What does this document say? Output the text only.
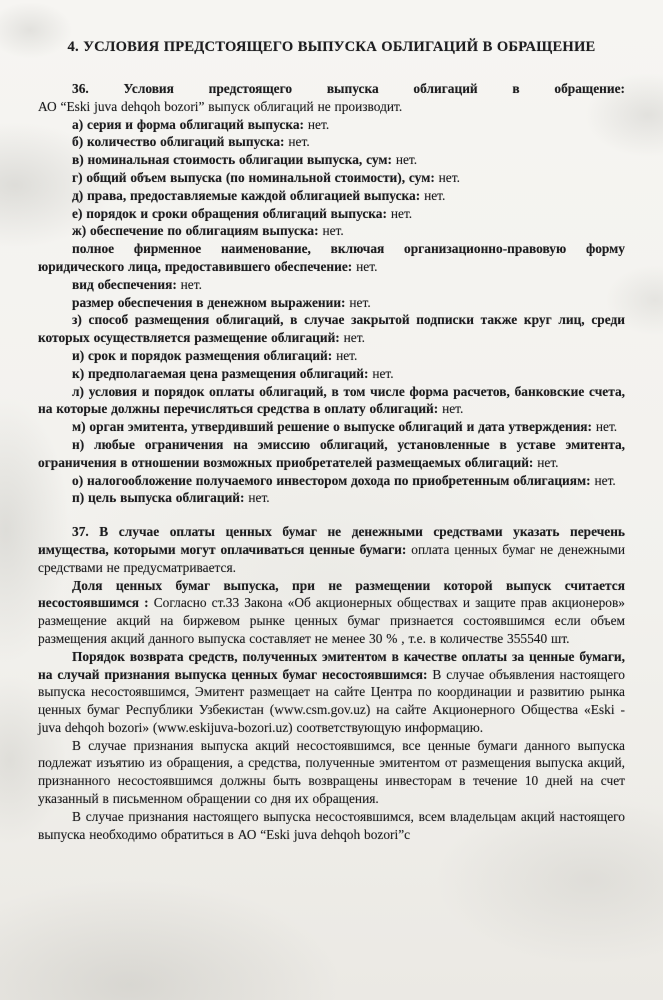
4. УСЛОВИЯ ПРЕДСТОЯЩЕГО ВЫПУСКА ОБЛИГАЦИЙ В ОБРАЩЕНИЕ

36. Условия предстоящего выпуска облигаций в обращение:
АО “Eski juva dehqoh bozori” выпуск облигаций не производит.

а) серия и форма облигаций выпуска: нет.
б) количество облигаций выпуска: нет.
в) номинальная стоимость облигации выпуска, сум: нет.
г) общий объем выпуска (по номинальной стоимости), сум: нет.
д) права, предоставляемые каждой облигацией выпуска: нет.
е) порядок и сроки обращения облигаций выпуска: нет.
ж) обеспечение по облигациям выпуска: нет.
полное фирменное наименование, включая организационно-правовую форму юридического лица, предоставившего обеспечение: нет.
вид обеспечения: нет.
размер обеспечения в денежном выражении: нет.
з) способ размещения облигаций, в случае закрытой подписки также круг лиц, среди которых осуществляется размещение облигаций: нет.
и) срок и порядок размещения облигаций: нет.
к) предполагаемая цена размещения облигаций: нет.
л) условия и порядок оплаты облигаций, в том числе форма расчетов, банковские счета, на которые должны перечисляться средства в оплату облигаций: нет.
м) орган эмитента, утвердивший решение о выпуске облигаций и дата утверждения: нет.
н) любые ограничения на эмиссию облигаций, установленные в уставе эмитента, ограничения в отношении возможных приобретателей размещаемых облигаций: нет.
о) налогообложение получаемого инвестором дохода по приобретенным облигациям: нет.
п) цель выпуска облигаций: нет.

37. В случае оплаты ценных бумаг не денежными средствами указать перечень имущества, которыми могут оплачиваться ценные бумаги: оплата ценных бумаг не денежными средствами не предусматривается.

Доля ценных бумаг выпуска, при не размещении которой выпуск считается несостоявшимся : Согласно ст.33 Закона «Об акционерных обществах и защите прав акционеров» размещение акций на биржевом рынке ценных бумаг признается состоявшимся если объем размещения акций данного выпуска составляет не менее 30 % , т.е. в количестве 355540 шт.

Порядок возврата средств, полученных эмитентом в качестве оплаты за ценные бумаги, на случай признания выпуска ценных бумаг несостоявшимся: В случае объявления настоящего выпуска несостоявшимся, Эмитент размещает на сайте Центра по координации и развитию рынка ценных бумаг Республики Узбекистан (www.csm.gov.uz) на сайте Акционерного Общества «Eski - juva dehqoh bozori» (www.eskijuva-bozori.uz) соответствующую информацию.

В случае признания выпуска акций несостоявшимся, все ценные бумаги данного выпуска подлежат изъятию из обращения, а средства, полученные эмитентом от размещения выпуска акций, признанного несостоявшимся должны быть возвращены инвесторам в течение 10 дней на счет указанный в письменном обращении со дня их обращения.

В случае признания настоящего выпуска несостоявшимся, всем владельцам акций настоящего выпуска необходимо обратиться в АО “Eski juva dehqoh bozori”с
